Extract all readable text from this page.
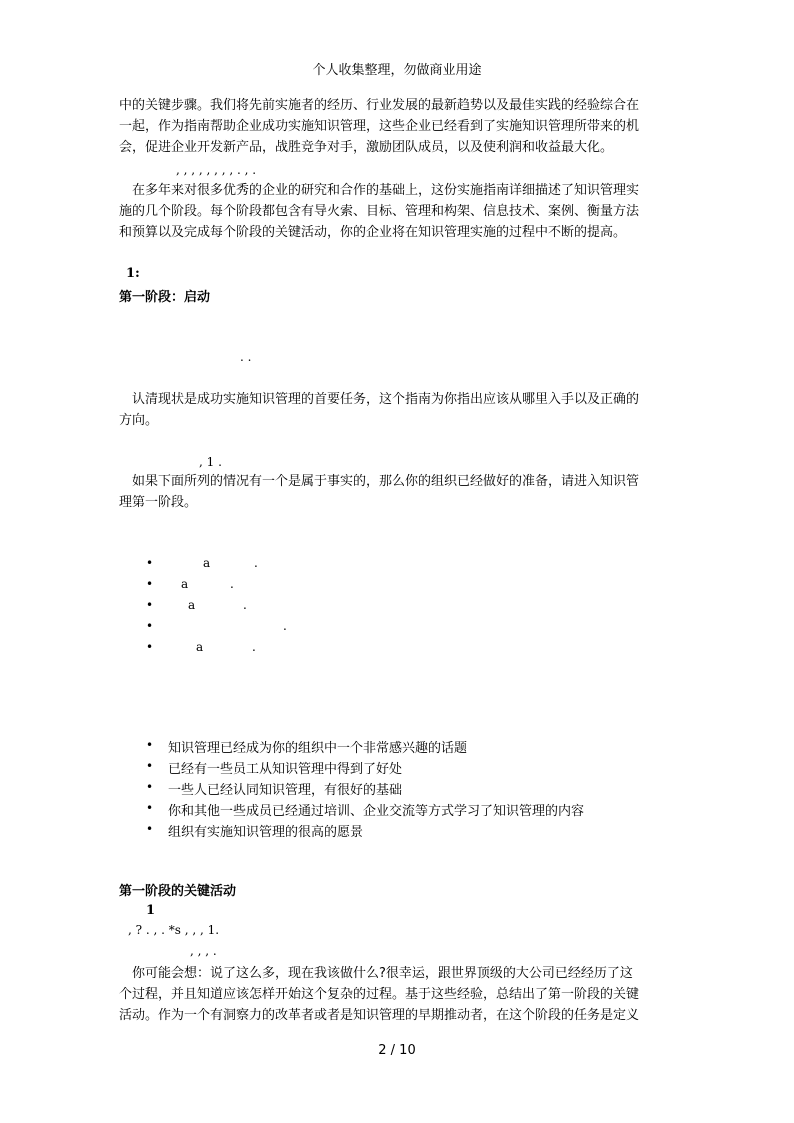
个人收集整理，勿做商业用途
中的关键步骤。我们将先前实施者的经历、行业发展的最新趋势以及最佳实践的经验综合在
一起，作为指南帮助企业成功实施知识管理，这些企业已经看到了实施知识管理所带来的机
会，促进企业开发新产品，战胜竞争对手，激励团队成员，以及使利润和收益最大化。
, , , , , , , , . , .
　在多年来对很多优秀的企业的研究和合作的基础上，这份实施指南详细描述了知识管理实
施的几个阶段。每个阶段都包含有导火索、目标、管理和构架、信息技术、案例、衡量方法
和预算以及完成每个阶段的关键活动，你的企业将在知识管理实施的过程中不断的提高。
1:
第一阶段：启动
. .
　认清现状是成功实施知识管理的首要任务，这个指南为你指出应该从哪里入手以及正确的
方向。
, 1 .
　如果下面所列的情况有一个是属于事实的，那么你的组织已经做好的准备，请进入知识管
理第一阶段。
•	a	.
• a	.
•	a	.
•	.
•	a	.
• 知识管理已经成为你的组织中一个非常感兴趣的话题
• 已经有一些员工从知识管理中得到了好处
• 一些人已经认同知识管理，有很好的基础
• 你和其他一些成员已经通过培训、企业交流等方式学习了知识管理的内容
• 组织有实施知识管理的很高的愿景
第一阶段的关键活动
1
, ? . , . *s , , , 1.
, , , .
　你可能会想：说了这么多，现在我该做什么?很幸运，跟世界顶级的大公司已经经历了这
个过程，并且知道应该怎样开始这个复杂的过程。基于这些经验，总结出了第一阶段的关键
活动。作为一个有洞察力的改革者或者是知识管理的早期推动者，在这个阶段的任务是定义
2 / 10
